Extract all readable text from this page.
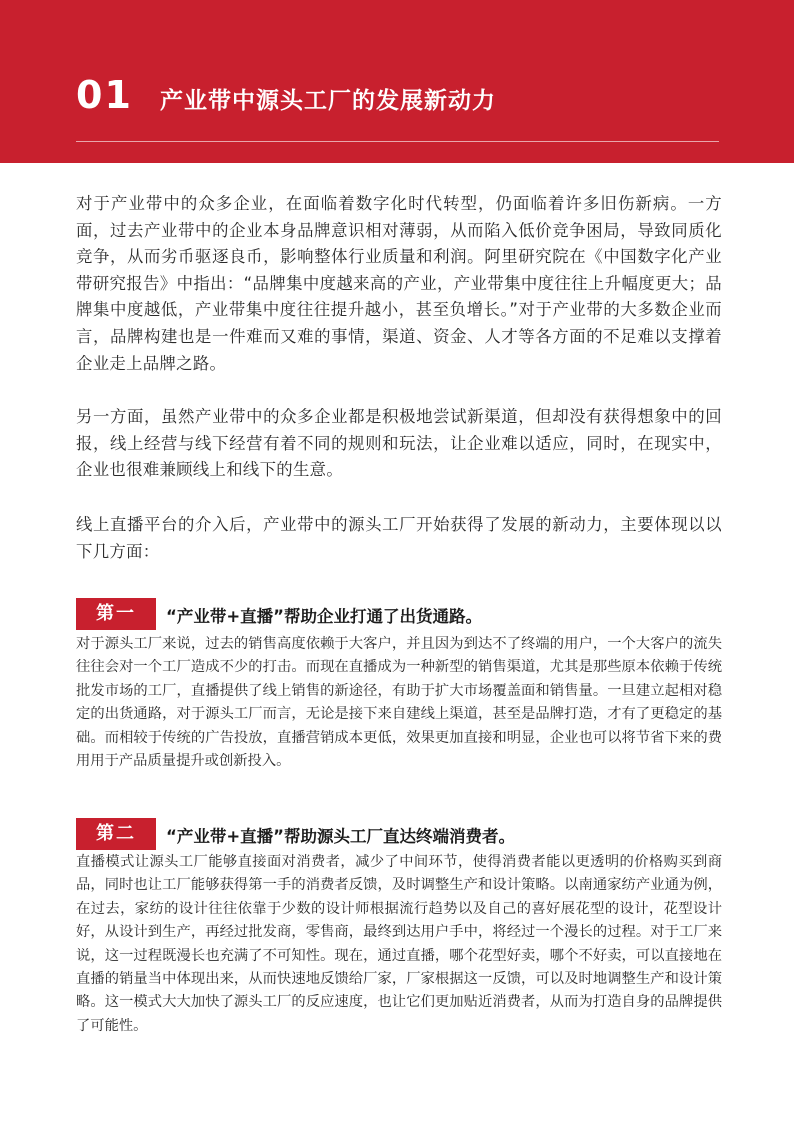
01 产业带中源头工厂的发展新动力

对于产业带中的众多企业，在面临着数字化时代转型，仍面临着许多旧伤新病。一方面，过去产业带中的企业本身品牌意识相对薄弱，从而陷入低价竞争困局，导致同质化竞争，从而劣币驱逐良币，影响整体行业质量和利润。阿里研究院在《中国数字化产业带研究报告》中指出：“品牌集中度越来高的产业，产业带集中度往往上升幅度更大；品牌集中度越低，产业带集中度往往提升越小，甚至负增长。”对于产业带的大多数企业而言，品牌构建也是一件难而又难的事情，渠道、资金、人才等各方面的不足难以支撑着企业走上品牌之路。

另一方面，虽然产业带中的众多企业都是积极地尝试新渠道，但却没有获得想象中的回报，线上经营与线下经营有着不同的规则和玩法，让企业难以适应，同时，在现实中，企业也很难兼顾线上和线下的生意。

线上直播平台的介入后，产业带中的源头工厂开始获得了发展的新动力，主要体现以以下几方面：

第一	“产业带+直播”帮助企业打通了出货通路。

对于源头工厂来说，过去的销售高度依赖于大客户，并且因为到达不了终端的用户，一个大客户的流失往往会对一个工厂造成不少的打击。而现在直播成为一种新型的销售渠道，尤其是那些原本依赖于传统批发市场的工厂，直播提供了线上销售的新途径，有助于扩大市场覆盖面和销售量。一旦建立起相对稳定的出货通路，对于源头工厂而言，无论是接下来自建线上渠道，甚至是品牌打造，才有了更稳定的基础。而相较于传统的广告投放，直播营销成本更低，效果更加直接和明显，企业也可以将节省下来的费用用于产品质量提升或创新投入。

第二	“产业带+直播”帮助源头工厂直达终端消费者。

直播模式让源头工厂能够直接面对消费者，减少了中间环节，使得消费者能以更透明的价格购买到商品，同时也让工厂能够获得第一手的消费者反馈，及时调整生产和设计策略。以南通家纺产业通为例，在过去，家纺的设计往往依靠于少数的设计师根据流行趋势以及自己的喜好展花型的设计，花型设计好，从设计到生产，再经过批发商，零售商，最终到达用户手中，将经过一个漫长的过程。对于工厂来说，这一过程既漫长也充满了不可知性。现在，通过直播，哪个花型好卖，哪个不好卖，可以直接地在直播的销量当中体现出来，从而快速地反馈给厂家，厂家根据这一反馈，可以及时地调整生产和设计策略。这一模式大大加快了源头工厂的反应速度，也让它们更加贴近消费者，从而为打造自身的品牌提供了可能性。
